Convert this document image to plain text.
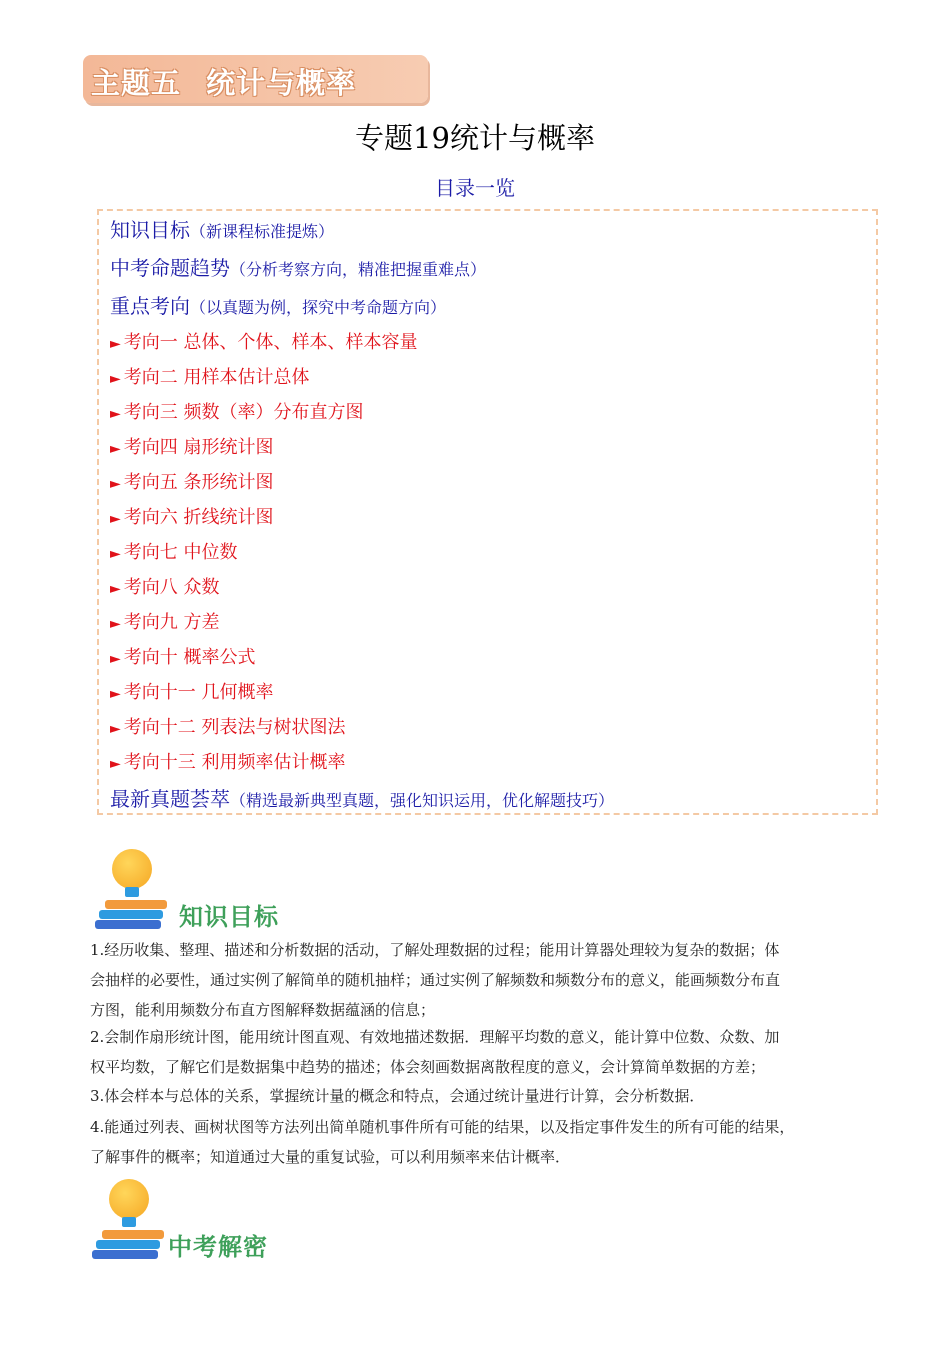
主题五 统计与概率
专题19统计与概率
目录一览
知识目标（新课程标准提炼）
中考命题趋势（分析考察方向，精准把握重难点）
重点考向（以真题为例，探究中考命题方向）
► 考向一 总体、个体、样本、样本容量
► 考向二 用样本估计总体
► 考向三 频数（率）分布直方图
► 考向四 扇形统计图
► 考向五 条形统计图
► 考向六 折线统计图
► 考向七 中位数
► 考向八 众数
► 考向九 方差
► 考向十 概率公式
► 考向十一 几何概率
► 考向十二 列表法与树状图法
► 考向十三 利用频率估计概率
最新真题荟萃（精选最新典型真题，强化知识运用，优化解题技巧）
知识目标
1.经历收集、整理、描述和分析数据的活动，了解处理数据的过程；能用计算器处理较为复杂的数据；体
会抽样的必要性，通过实例了解简单的随机抽样；通过实例了解频数和频数分布的意义，能画频数分布直
方图，能利用频数分布直方图解释数据蕴涵的信息；
2.会制作扇形统计图，能用统计图直观、有效地描述数据．理解平均数的意义，能计算中位数、众数、加
权平均数，了解它们是数据集中趋势的描述；体会刻画数据离散程度的意义，会计算简单数据的方差；
3.体会样本与总体的关系，掌握统计量的概念和特点，会通过统计量进行计算，会分析数据．
4.能通过列表、画树状图等方法列出简单随机事件所有可能的结果，以及指定事件发生的所有可能的结果，
了解事件的概率；知道通过大量的重复试验，可以利用频率来估计概率．
中考解密
